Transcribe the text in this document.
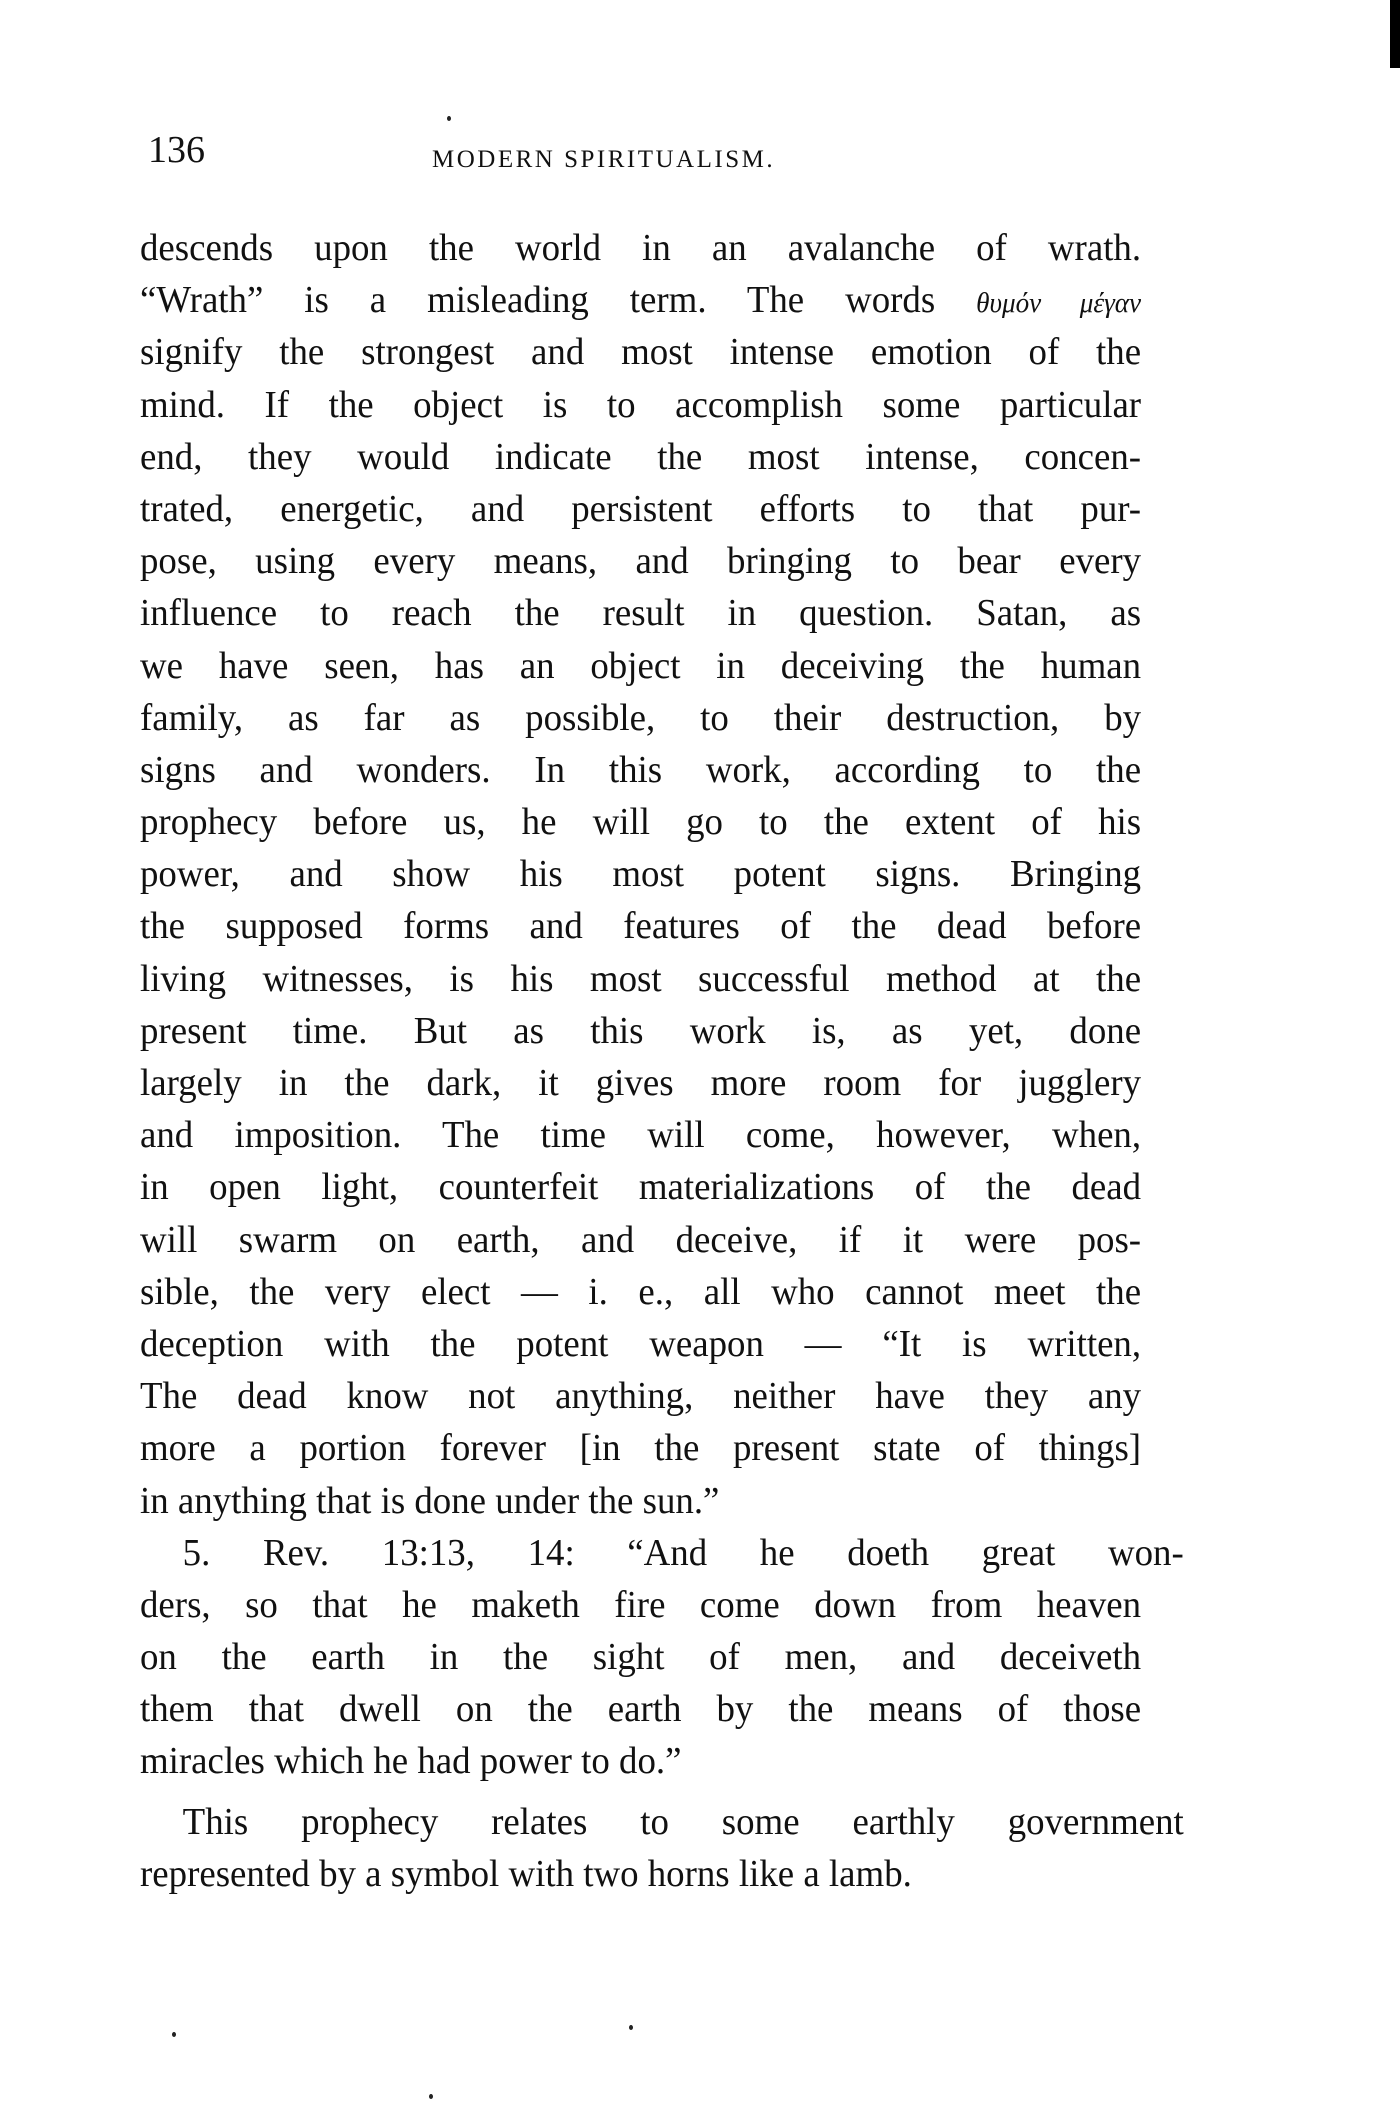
136	MODERN SPIRITUALISM.
descends upon the world in an avalanche of wrath.
“Wrath” is a misleading term. The words θυμόν μέγαν
signify the strongest and most intense emotion of the
mind. If the object is to accomplish some particular
end, they would indicate the most intense, concen-
trated, energetic, and persistent efforts to that pur-
pose, using every means, and bringing to bear every
influence to reach the result in question. Satan, as
we have seen, has an object in deceiving the human
family, as far as possible, to their destruction, by
signs and wonders. In this work, according to the
prophecy before us, he will go to the extent of his
power, and show his most potent signs. Bringing
the supposed forms and features of the dead before
living witnesses, is his most successful method at the
present time. But as this work is, as yet, done
largely in the dark, it gives more room for jugglery
and imposition. The time will come, however, when,
in open light, counterfeit materializations of the dead
will swarm on earth, and deceive, if it were pos-
sible, the very elect — i. e., all who cannot meet the
deception with the potent weapon — “It is written,
The dead know not anything, neither have they any
more a portion forever [in the present state of things]
in anything that is done under the sun.”
5. Rev. 13:13, 14: “And he doeth great won-
ders, so that he maketh fire come down from heaven
on the earth in the sight of men, and deceiveth
them that dwell on the earth by the means of those
miracles which he had power to do.”
This prophecy relates to some earthly government
represented by a symbol with two horns like a lamb.
